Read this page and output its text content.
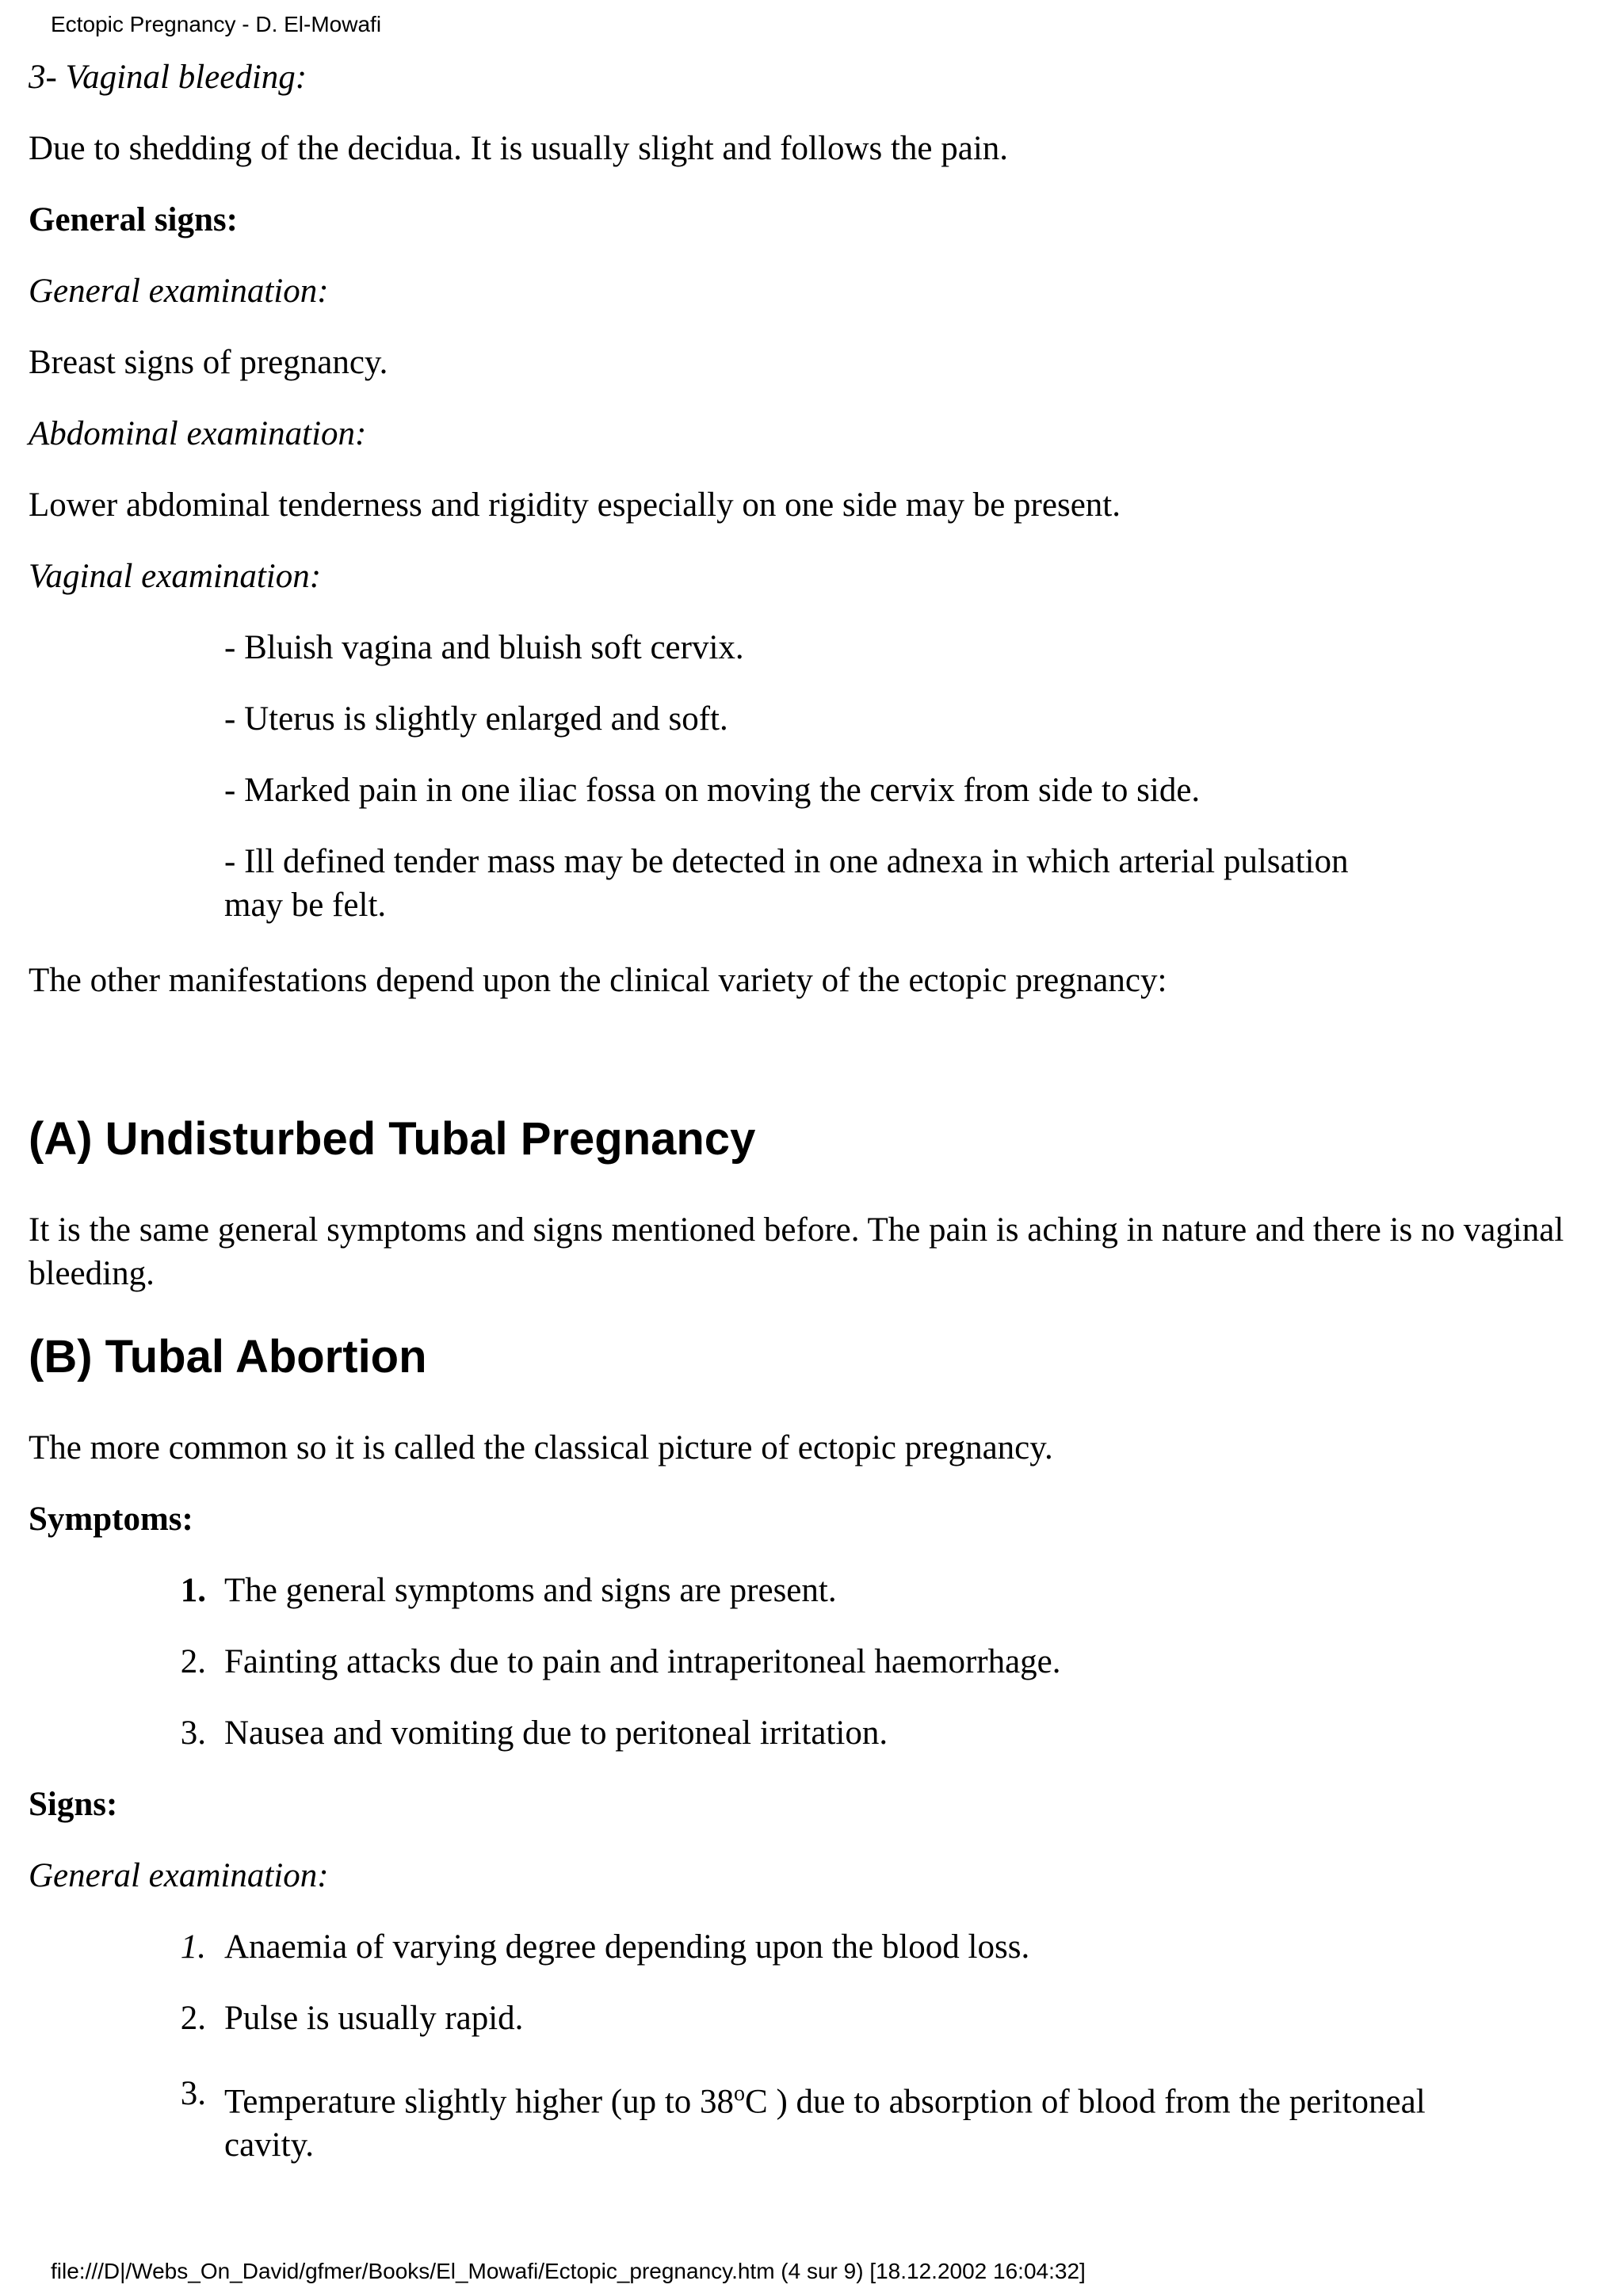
Ectopic Pregnancy - D. El-Mowafi

3- Vaginal bleeding:

Due to shedding of the decidua. It is usually slight and follows the pain.

General signs:

General examination:

Breast signs of pregnancy.

Abdominal examination:

Lower abdominal tenderness and rigidity especially on one side may be present.

Vaginal examination:

- Bluish vagina and bluish soft cervix.

- Uterus is slightly enlarged and soft.

- Marked pain in one iliac fossa on moving the cervix from side to side.

- Ill defined tender mass may be detected in one adnexa in which arterial pulsation may be felt.

The other manifestations depend upon the clinical variety of the ectopic pregnancy:

(A) Undisturbed Tubal Pregnancy

It is the same general symptoms and signs mentioned before. The pain is aching in nature and there is no vaginal bleeding.

(B) Tubal Abortion

The more common so it is called the classical picture of ectopic pregnancy.

Symptoms:

1. The general symptoms and signs are present.
2. Fainting attacks due to pain and intraperitoneal haemorrhage.
3. Nausea and vomiting due to peritoneal irritation.

Signs:

General examination:

1. Anaemia of varying degree depending upon the blood loss.
2. Pulse is usually rapid.
3. Temperature slightly higher (up to 38$^o$C ) due to absorption of blood from the peritoneal cavity.
file:///D|/Webs_On_David/gfmer/Books/El_Mowafi/Ectopic_pregnancy.htm (4 sur 9) [18.12.2002 16:04:32]
